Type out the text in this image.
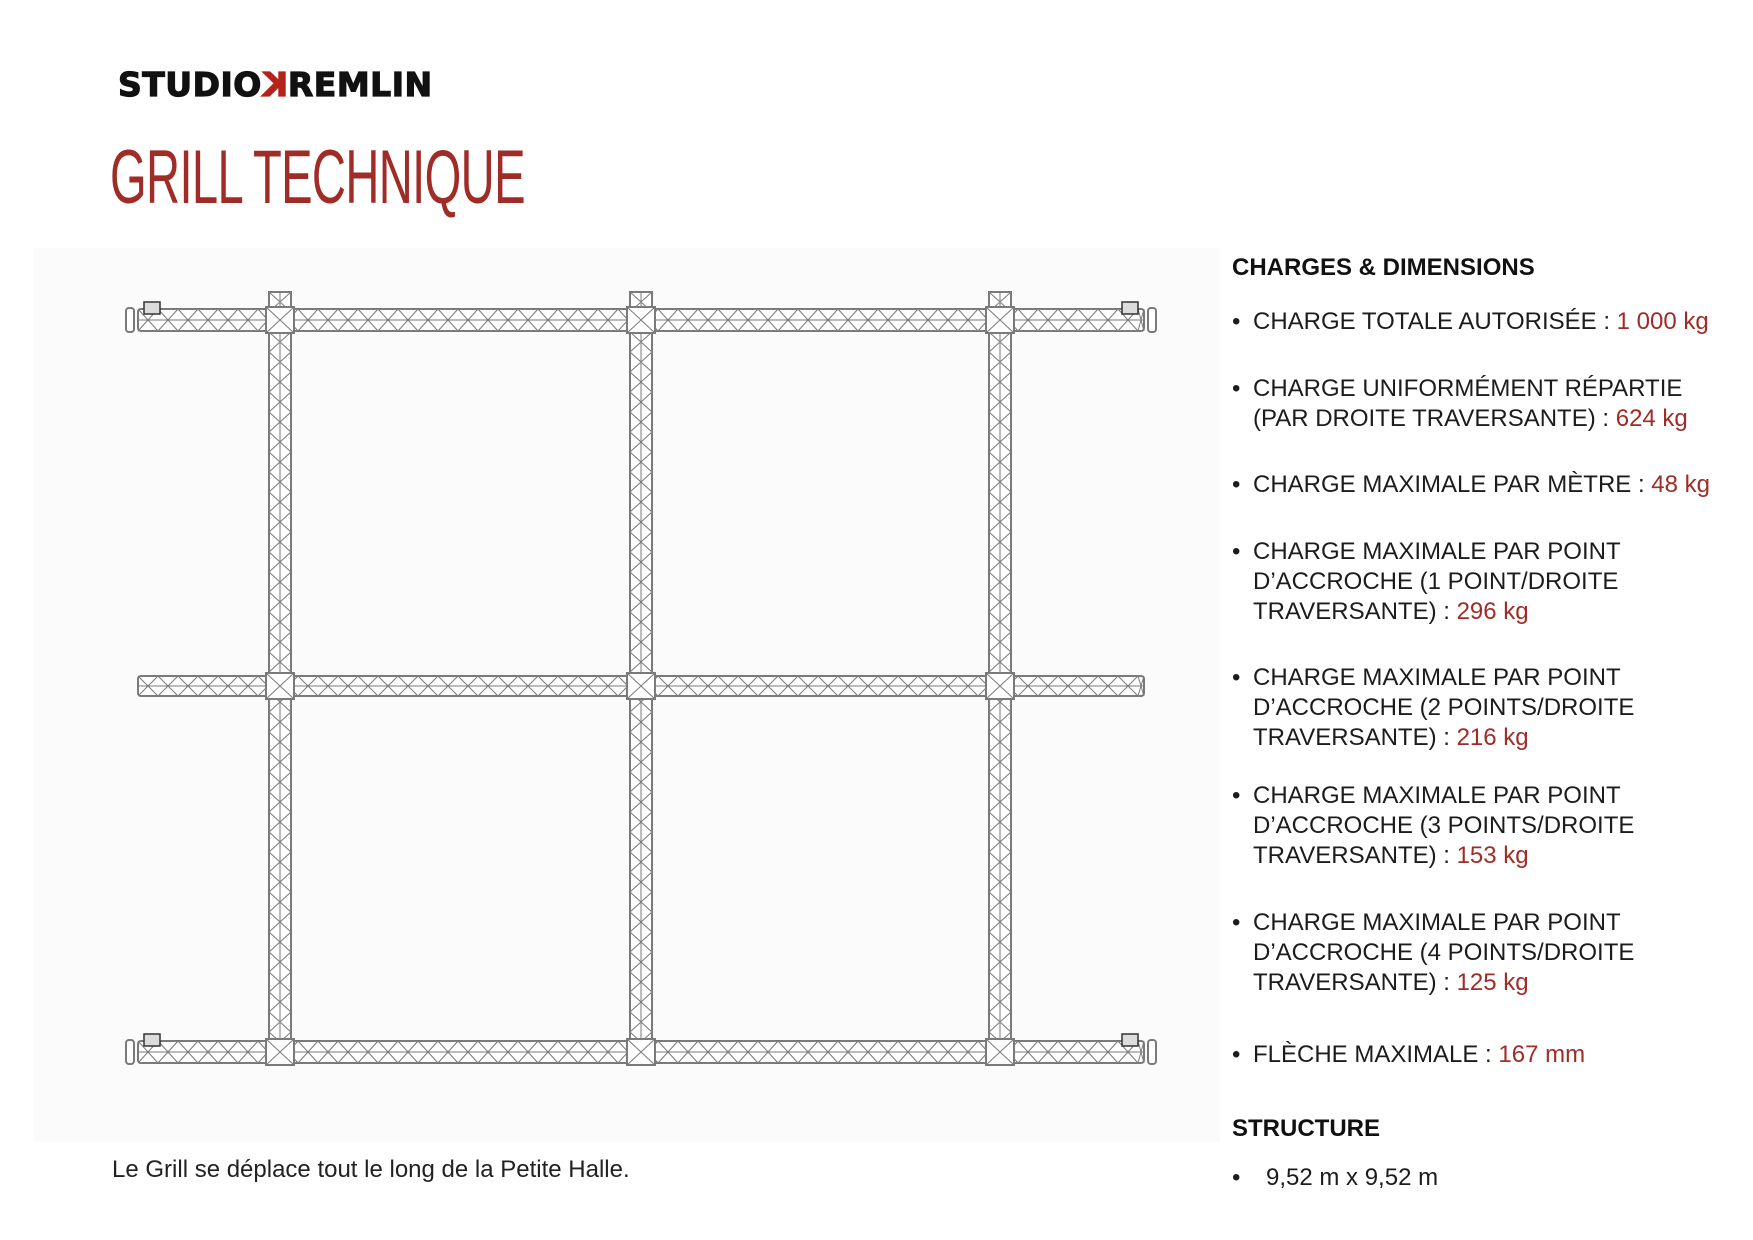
STUDIO K REMLIN
GRILL TECHNIQUE
Le Grill se déplace tout le long de la Petite Halle.
CHARGES & DIMENSIONS
• CHARGE TOTALE AUTORISÉE : 1 000 kg
• CHARGE UNIFORMÉMENT RÉPARTIE
(PAR DROITE TRAVERSANTE) : 624 kg
• CHARGE MAXIMALE PAR MÈTRE : 48 kg
• CHARGE MAXIMALE PAR POINT
D’ACCROCHE (1 POINT/DROITE
TRAVERSANTE) : 296 kg
• CHARGE MAXIMALE PAR POINT
D’ACCROCHE (2 POINTS/DROITE
TRAVERSANTE) : 216 kg
• CHARGE MAXIMALE PAR POINT
D’ACCROCHE (3 POINTS/DROITE
TRAVERSANTE) : 153 kg
• CHARGE MAXIMALE PAR POINT
D’ACCROCHE (4 POINTS/DROITE
TRAVERSANTE) : 125 kg
• FLÈCHE MAXIMALE : 167 mm
STRUCTURE
• 9,52 m x 9,52 m
